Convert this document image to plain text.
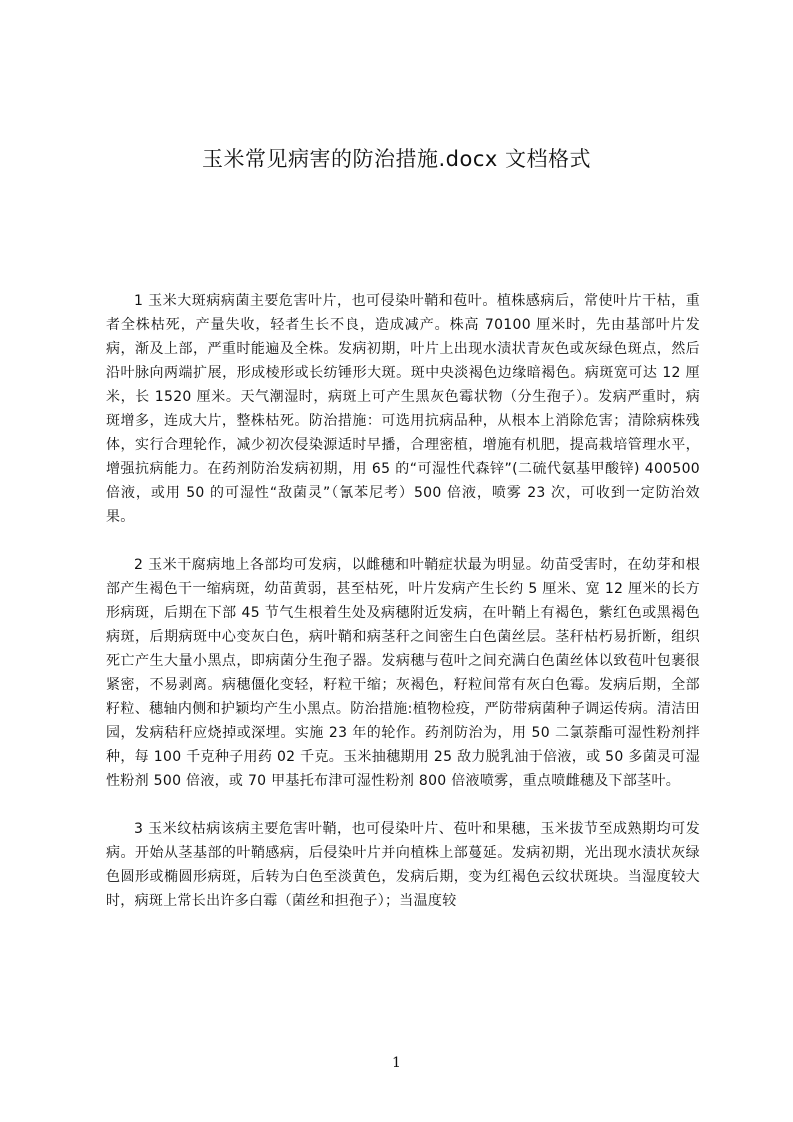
玉米常见病害的防治措施.docx 文档格式

1 玉米大斑病病菌主要危害叶片，也可侵染叶鞘和苞叶。植株感病后，常使叶片干枯，重者全株枯死，产量失收，轻者生长不良，造成减产。株高 70100 厘米时，先由基部叶片发病，渐及上部，严重时能遍及全株。发病初期，叶片上出现水渍状青灰色或灰绿色斑点，然后沿叶脉向两端扩展，形成棱形或长纺锤形大斑。斑中央淡褐色边缘暗褐色。病斑宽可达 12 厘米，长 1520 厘米。天气潮湿时，病斑上可产生黑灰色霉状物（分生孢子）。发病严重时，病斑增多，连成大片，整株枯死。防治措施：可选用抗病品种，从根本上消除危害；清除病株残体，实行合理轮作，减少初次侵染源适时早播，合理密植，增施有机肥，提高栽培管理水平，增强抗病能力。在药剂防治发病初期，用 65 的“可湿性代森锌”(二硫代氨基甲酸锌) 400500 倍液，或用 50 的可湿性“敌菌灵”（氰苯尼考）500 倍液，喷雾 23 次，可收到一定防治效果。

2 玉米干腐病地上各部均可发病，以雌穗和叶鞘症状最为明显。幼苗受害时，在幼芽和根部产生褐色干一缩病斑，幼苗黄弱，甚至枯死，叶片发病产生长约 5 厘米、宽 12 厘米的长方形病斑，后期在下部 45 节气生根着生处及病穗附近发病，在叶鞘上有褐色，紫红色或黑褐色病斑，后期病斑中心变灰白色，病叶鞘和病茎秆之间密生白色菌丝层。茎秆枯朽易折断，组织死亡产生大量小黑点，即病菌分生孢子器。发病穗与苞叶之间充满白色菌丝体以致苞叶包裹很紧密，不易剥离。病穗僵化变轻，籽粒干缩；灰褐色，籽粒间常有灰白色霉。发病后期，全部籽粒、穗轴内侧和护颖均产生小黑点。防治措施:植物检疫，严防带病菌种子调运传病。清洁田园，发病秸秆应烧掉或深埋。实施 23 年的轮作。药剂防治为，用 50 二氯萘酯可湿性粉剂拌种，每 100 千克种子用药 02 千克。玉米抽穗期用 25 敌力脱乳油于倍液，或 50 多菌灵可湿性粉剂 500 倍液，或 70 甲基托布津可湿性粉剂 800 倍液喷雾，重点喷雌穗及下部茎叶。

3 玉米纹枯病该病主要危害叶鞘，也可侵染叶片、苞叶和果穗，玉米拔节至成熟期均可发病。开始从茎基部的叶鞘感病，后侵染叶片并向植株上部蔓延。发病初期，光出现水渍状灰绿色圆形或椭圆形病斑，后转为白色至淡黄色，发病后期，变为红褐色云纹状斑块。当湿度较大时，病斑上常长出许多白霉（菌丝和担孢子）；当温度较

1
